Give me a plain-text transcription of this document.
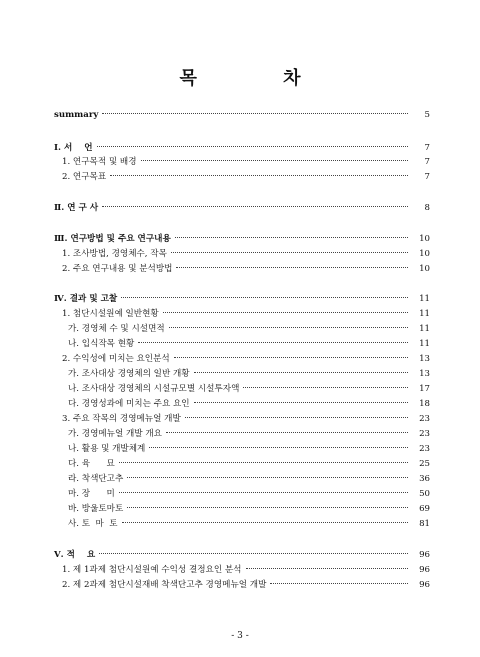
목 차
summary	5
Ⅰ. 서    언	7
1. 연구목적 및 배경	7
2. 연구목표	7
Ⅱ. 연 구 사	8
Ⅲ. 연구방법 및 주요 연구내용	10
1. 조사방법, 경영체수, 작목	10
2. 주요 연구내용 및 분석방법	10
Ⅳ. 결과 및 고찰	11
1. 첨단시설원예 일반현황	11
가. 경영체 수 및 시설면적	11
나. 입식작목 현황	11
2. 수익성에 미치는 요인분석	13
가. 조사대상 경영체의 일반 개황	13
나. 조사대상 경영체의 시설규모별 시설투자액	17
다. 경영성과에 미치는 주요 요인	18
3. 주요 작목의 경영메뉴얼 개발	23
가. 경영메뉴얼 개발 개요	23
나. 활용 및 개발체계	23
다. 육      묘	25
라. 착색단고추	36
마. 장      미	50
바. 방울토마토	69
사. 토  마  토	81
Ⅴ. 적    요	96
1. 제 1과제 첨단시설원예 수익성 결정요인 분석	96
2. 제 2과제 첨단시설재배 착색단고추 경영메뉴얼 개발	96
- 3 -
